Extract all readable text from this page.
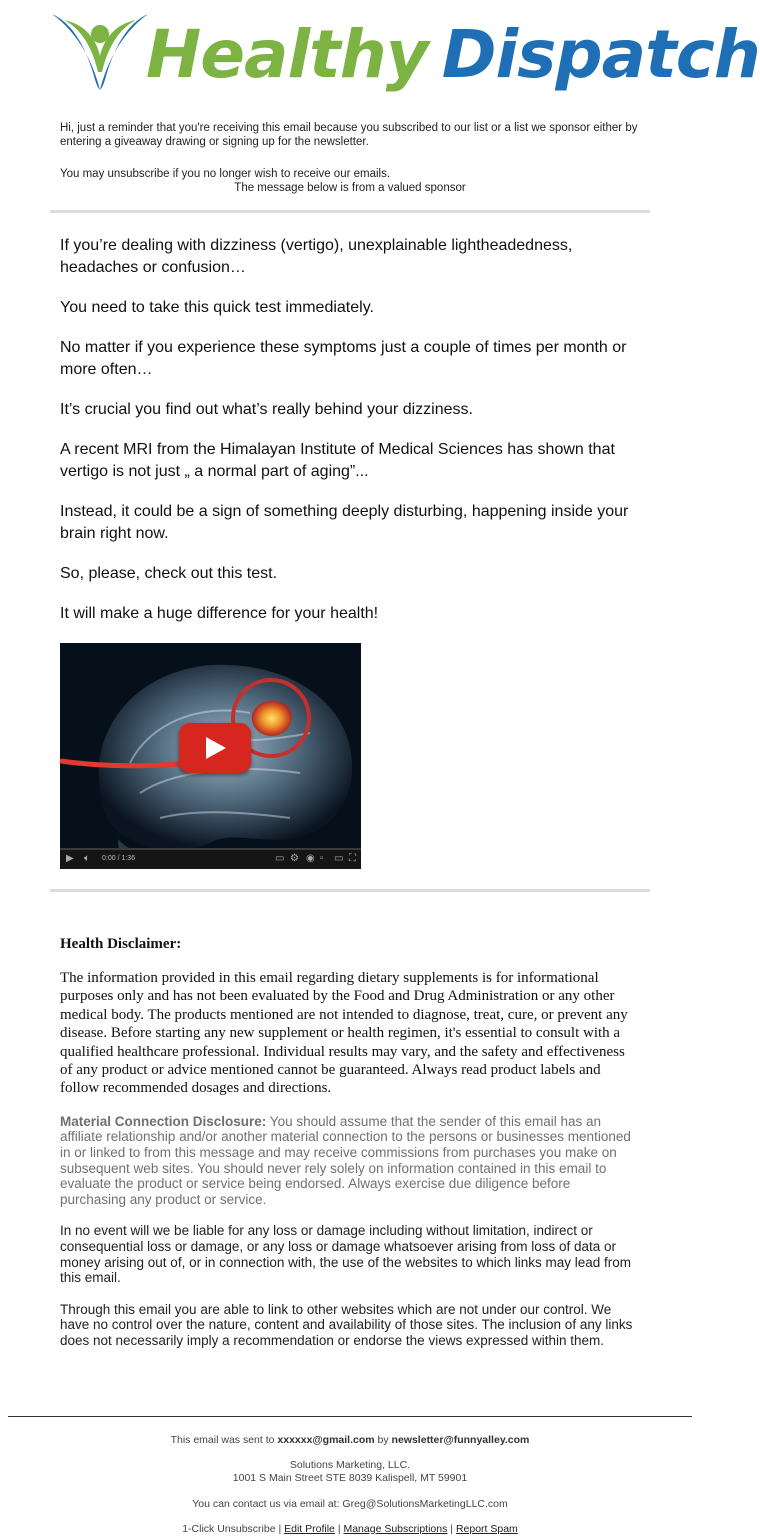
Healthy Dispatch

Hi, just a reminder that you're receiving this email because you subscribed to our list or a list we sponsor either by entering a giveaway drawing or signing up for the newsletter.

You may unsubscribe if you no longer wish to receive our emails.

The message below is from a valued sponsor

If you’re dealing with dizziness (vertigo), unexplainable lightheadedness, headaches or confusion…

You need to take this quick test immediately.

No matter if you experience these symptoms just a couple of times per month or more often…

It’s crucial you find out what’s really behind your dizziness.

A recent MRI from the Himalayan Institute of Medical Sciences has shown that vertigo is not just „ a normal part of aging”...

Instead, it could be a sign of something deeply disturbing, happening inside your brain right now.

So, please, check out this test.

It will make a huge difference for your health!

▶ 🔈︎ 0:00 / 1:36	▭ ⚙ ◉ ▫ ▭ ⛶
Health Disclaimer:
The information provided in this email regarding dietary supplements is for informational purposes only and has not been evaluated by the Food and Drug Administration or any other medical body. The products mentioned are not intended to diagnose, treat, cure, or prevent any disease. Before starting any new supplement or health regimen, it's essential to consult with a qualified healthcare professional. Individual results may vary, and the safety and effectiveness of any product or advice mentioned cannot be guaranteed. Always read product labels and follow recommended dosages and directions.

Material Connection Disclosure: You should assume that the sender of this email has an affiliate relationship and/or another material connection to the persons or businesses mentioned in or linked to from this message and may receive commissions from purchases you make on subsequent web sites. You should never rely solely on information contained in this email to evaluate the product or service being endorsed. Always exercise due diligence before purchasing any product or service.

In no event will we be liable for any loss or damage including without limitation, indirect or consequential loss or damage, or any loss or damage whatsoever arising from loss of data or money arising out of, or in connection with, the use of the websites to which links may lead from this email.

Through this email you are able to link to other websites which are not under our control. We have no control over the nature, content and availability of those sites. The inclusion of any links does not necessarily imply a recommendation or endorse the views expressed within them.

This email was sent to xxxxxx@gmail.com by newsletter@funnyalley.com

Solutions Marketing, LLC.

1001 S Main Street STE 8039 Kalispell, MT 59901

You can contact us via email at: Greg@SolutionsMarketingLLC.com

1-Click Unsubscribe | Edit Profile | Manage Subscriptions | Report Spam
